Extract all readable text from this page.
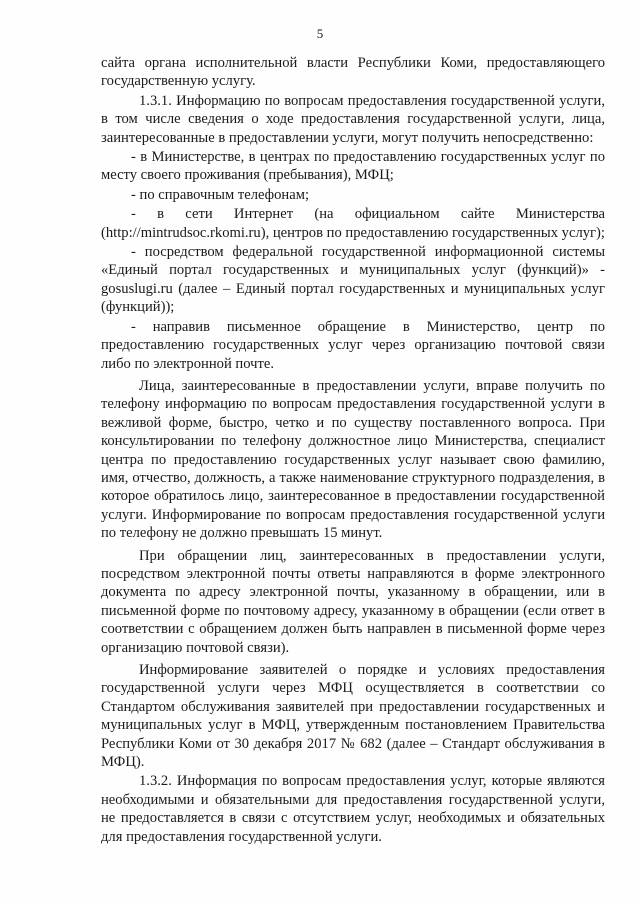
5

сайта органа исполнительной власти Республики Коми, предоставляющего государственную услугу.

1.3.1. Информацию по вопросам предоставления государственной услуги, в том числе сведения о ходе предоставления государственной услуги, лица, заинтересованные в предоставлении услуги, могут получить непосредственно:

- в Министерстве, в центрах по предоставлению государственных услуг по месту своего проживания (пребывания), МФЦ;

- по справочным телефонам;

- в сети Интернет (на официальном сайте Министерства (http://mintrudsoc.rkomi.ru), центров по предоставлению государственных услуг);

- посредством федеральной государственной информационной системы «Единый портал государственных и муниципальных услуг (функций)» - gosuslugi.ru (далее – Единый портал государственных и муниципальных услуг (функций));

- направив письменное обращение в Министерство, центр по предоставлению государственных услуг через организацию почтовой связи либо по электронной почте.

Лица, заинтересованные в предоставлении услуги, вправе получить по телефону информацию по вопросам предоставления государственной услуги в вежливой форме, быстро, четко и по существу поставленного вопроса. При консультировании по телефону должностное лицо Министерства, специалист центра по предоставлению государственных услуг называет свою фамилию, имя, отчество, должность, а также наименование структурного подразделения, в которое обратилось лицо, заинтересованное в предоставлении государственной услуги. Информирование по вопросам предоставления государственной услуги по телефону не должно превышать 15 минут.

При обращении лиц, заинтересованных в предоставлении услуги, посредством электронной почты ответы направляются в форме электронного документа по адресу электронной почты, указанному в обращении, или в письменной форме по почтовому адресу, указанному в обращении (если ответ в соответствии с обращением должен быть направлен в письменной форме через организацию почтовой связи).

Информирование заявителей о порядке и условиях предоставления государственной услуги через МФЦ осуществляется в соответствии со Стандартом обслуживания заявителей при предоставлении государственных и муниципальных услуг в МФЦ, утвержденным постановлением Правительства Республики Коми от 30 декабря 2017 № 682 (далее – Стандарт обслуживания в МФЦ).

1.3.2. Информация по вопросам предоставления услуг, которые являются необходимыми и обязательными для предоставления государственной услуги, не предоставляется в связи с отсутствием услуг, необходимых и обязательных для предоставления государственной услуги.
